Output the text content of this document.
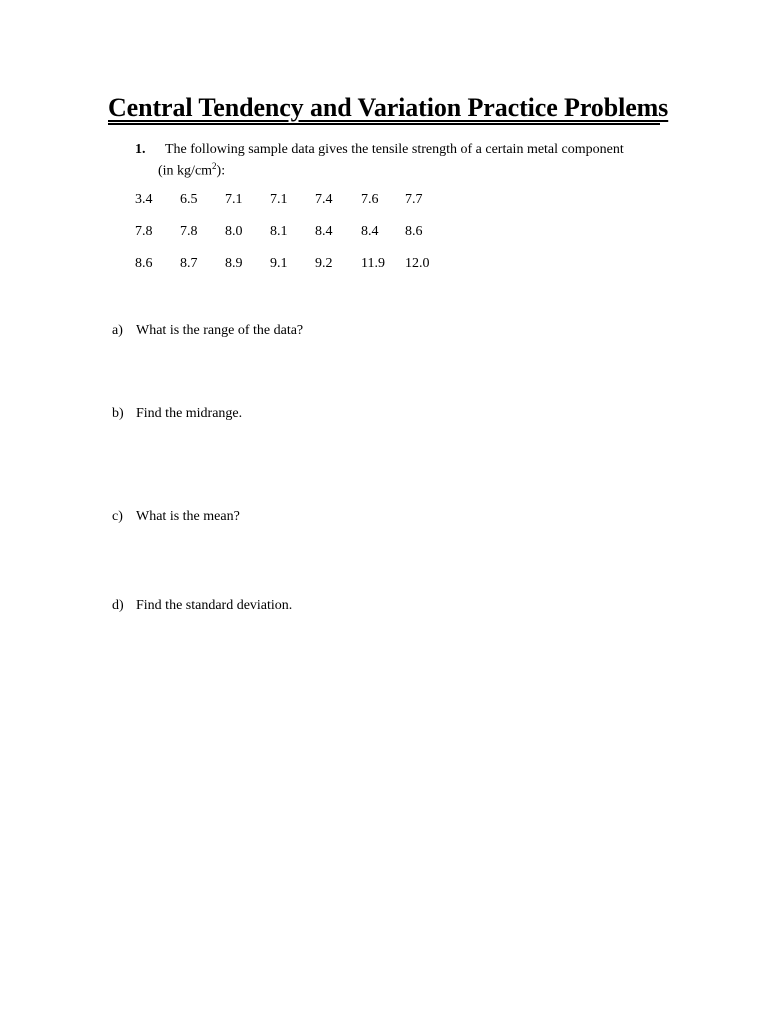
Central Tendency and Variation Practice Problems
1. The following sample data gives the tensile strength of a certain metal component
(in $kg/cm^2$):
3.4	6.5	7.1	7.1	7.4	7.6	7.7
7.8	7.8	8.0	8.1	8.4	8.4	8.6
8.6	8.7	8.9	9.1	9.2	11.9	12.0
a) What is the range of the data?
b) Find the midrange.
c) What is the mean?
d) Find the standard deviation.
